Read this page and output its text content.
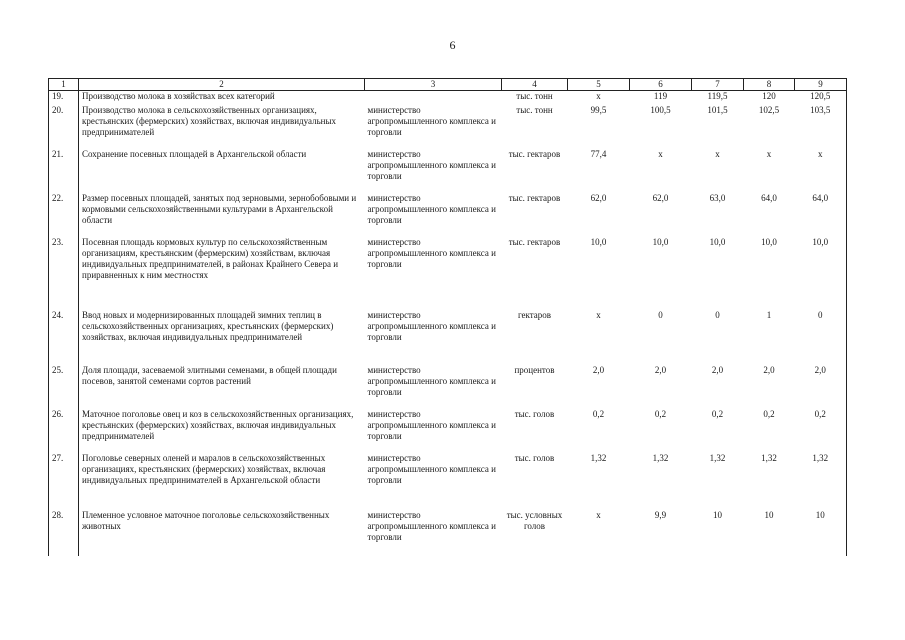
6
1	2	3	4	5	6	7	8	9
19.	Производство молока в хозяйствах всех категорий		тыс. тонн	х	119	119,5	120	120,5
20.	Производство молока в сельскохозяйственных организациях, крестьянских (фермерских) хозяйствах, включая индивидуальных предпринимателей	министерство агропромышленного комплекса и торговли	тыс. тонн	99,5	100,5	101,5	102,5	103,5
21.	Сохранение посевных площадей в Архангельской области	министерство агропромышленного комплекса и торговли	тыс. гектаров	77,4	х	х	х	х
22.	Размер посевных площадей, занятых под зерновыми, зернобобовыми и кормовыми сельскохозяйственными культурами в Архангельской области	министерство агропромышленного комплекса и торговли	тыс. гектаров	62,0	62,0	63,0	64,0	64,0
23.	Посевная площадь кормовых культур по сельскохозяйственным организациям, крестьянским (фермерским) хозяйствам, включая индивидуальных предпринимателей, в районах Крайнего Севера и приравненных к ним местностях	министерство агропромышленного комплекса и торговли	тыс. гектаров	10,0	10,0	10,0	10,0	10,0
24.	Ввод новых и модернизированных площадей зимних теплиц в сельскохозяйственных организациях, крестьянских (фермерских) хозяйствах, включая индивидуальных предпринимателей	министерство агропромышленного комплекса и торговли	гектаров	х	0	0	1	0
25.	Доля площади, засеваемой элитными семенами, в общей площади посевов, занятой семенами сортов растений	министерство агропромышленного комплекса и торговли	процентов	2,0	2,0	2,0	2,0	2,0
26.	Маточное поголовье овец и коз в сельскохозяйственных организациях, крестьянских (фермерских) хозяйствах, включая индивидуальных предпринимателей	министерство агропромышленного комплекса и торговли	тыс. голов	0,2	0,2	0,2	0,2	0,2
27.	Поголовье северных оленей и маралов в сельскохозяйственных организациях, крестьянских (фермерских) хозяйствах, включая индивидуальных предпринимателей в Архангельской области	министерство агропромышленного комплекса и торговли	тыс. голов	1,32	1,32	1,32	1,32	1,32
28.	Племенное условное маточное поголовье сельскохозяйственных животных	министерство агропромышленного комплекса и торговли	тыс. условных голов	х	9,9	10	10	10
